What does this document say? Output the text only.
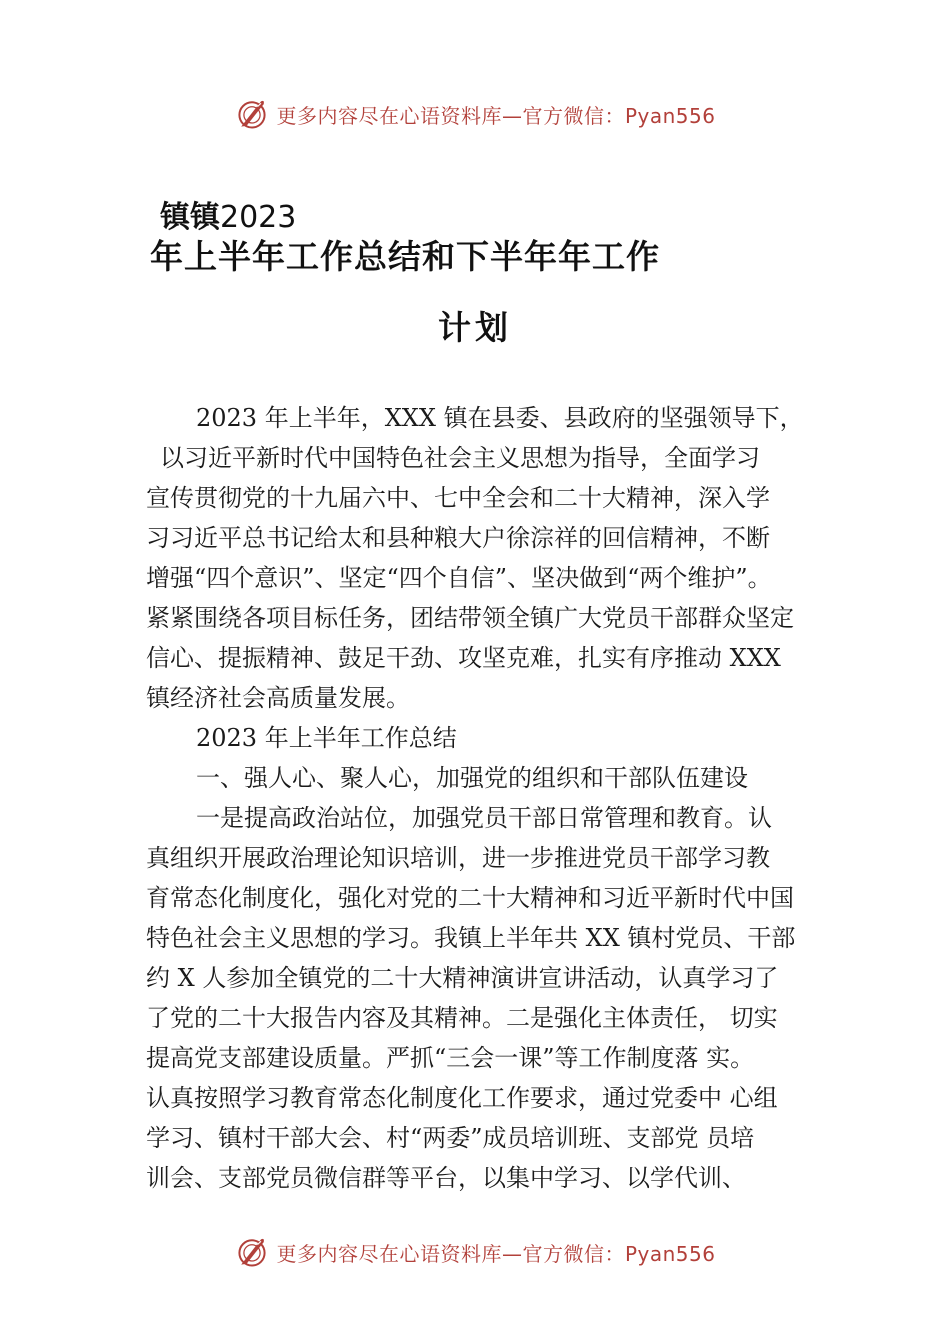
更多内容尽在心语资料库—官方微信：Pyan556
镇镇2023
年上半年工作总结和下半年年工作
计划
2023 年上半年，XXX 镇在县委、县政府的坚强领导下，
以习近平新时代中国特色社会主义思想为指导，全面学习
宣传贯彻党的十九届六中、七中全会和二十大精神，深入学
习习近平总书记给太和县种粮大户徐淙祥的回信精神，不断
增强“四个意识”、坚定“四个自信”、坚决做到“两个维护”。
紧紧围绕各项目标任务，团结带领全镇广大党员干部群众坚定
信心、提振精神、鼓足干劲、攻坚克难，扎实有序推动 XXX
镇经济社会高质量发展。
2023 年上半年工作总结
一、强人心、聚人心，加强党的组织和干部队伍建设
一是提高政治站位，加强党员干部日常管理和教育。认
真组织开展政治理论知识培训，进一步推进党员干部学习教
育常态化制度化，强化对党的二十大精神和习近平新时代中国
特色社会主义思想的学习。我镇上半年共 XX 镇村党员、干部
约 X 人参加全镇党的二十大精神演讲宣讲活动，认真学习了
了党的二十大报告内容及其精神。二是强化主体责任， 切实
提高党支部建设质量。严抓“三会一课”等工作制度落 实。
认真按照学习教育常态化制度化工作要求，通过党委中 心组
学习、镇村干部大会、村“两委”成员培训班、支部党 员培
训会、支部党员微信群等平台，以集中学习、以学代训、
更多内容尽在心语资料库—官方微信：Pyan556
